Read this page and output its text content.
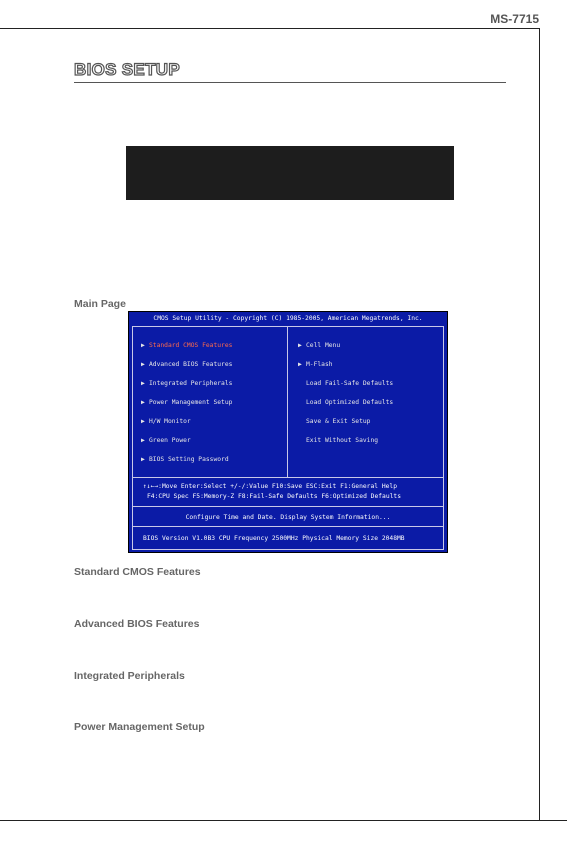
MS-7715
BIOS SETUP
Main Page
CMOS Setup Utility - Copyright (C) 1985-2005, American Megatrends, Inc.
▶ Standard CMOS Features
▶ Advanced BIOS Features
▶ Integrated Peripherals
▶ Power Management Setup
▶ H/W Monitor
▶ Green Power
▶ BIOS Setting Password
▶ Cell Menu
▶ M-Flash
Load Fail-Safe Defaults
Load Optimized Defaults
Save & Exit Setup
Exit Without Saving
↑↓←→:Move Enter:Select +/-/:Value F10:Save ESC:Exit F1:General Help
F4:CPU Spec F5:Memory-Z F8:Fail-Safe Defaults F6:Optimized Defaults
Configure Time and Date. Display System Information...
BIOS Version V1.0B3 CPU Frequency 2500MHz Physical Memory Size 2048MB
Standard CMOS Features
Advanced BIOS Features
Integrated Peripherals
Power Management Setup
